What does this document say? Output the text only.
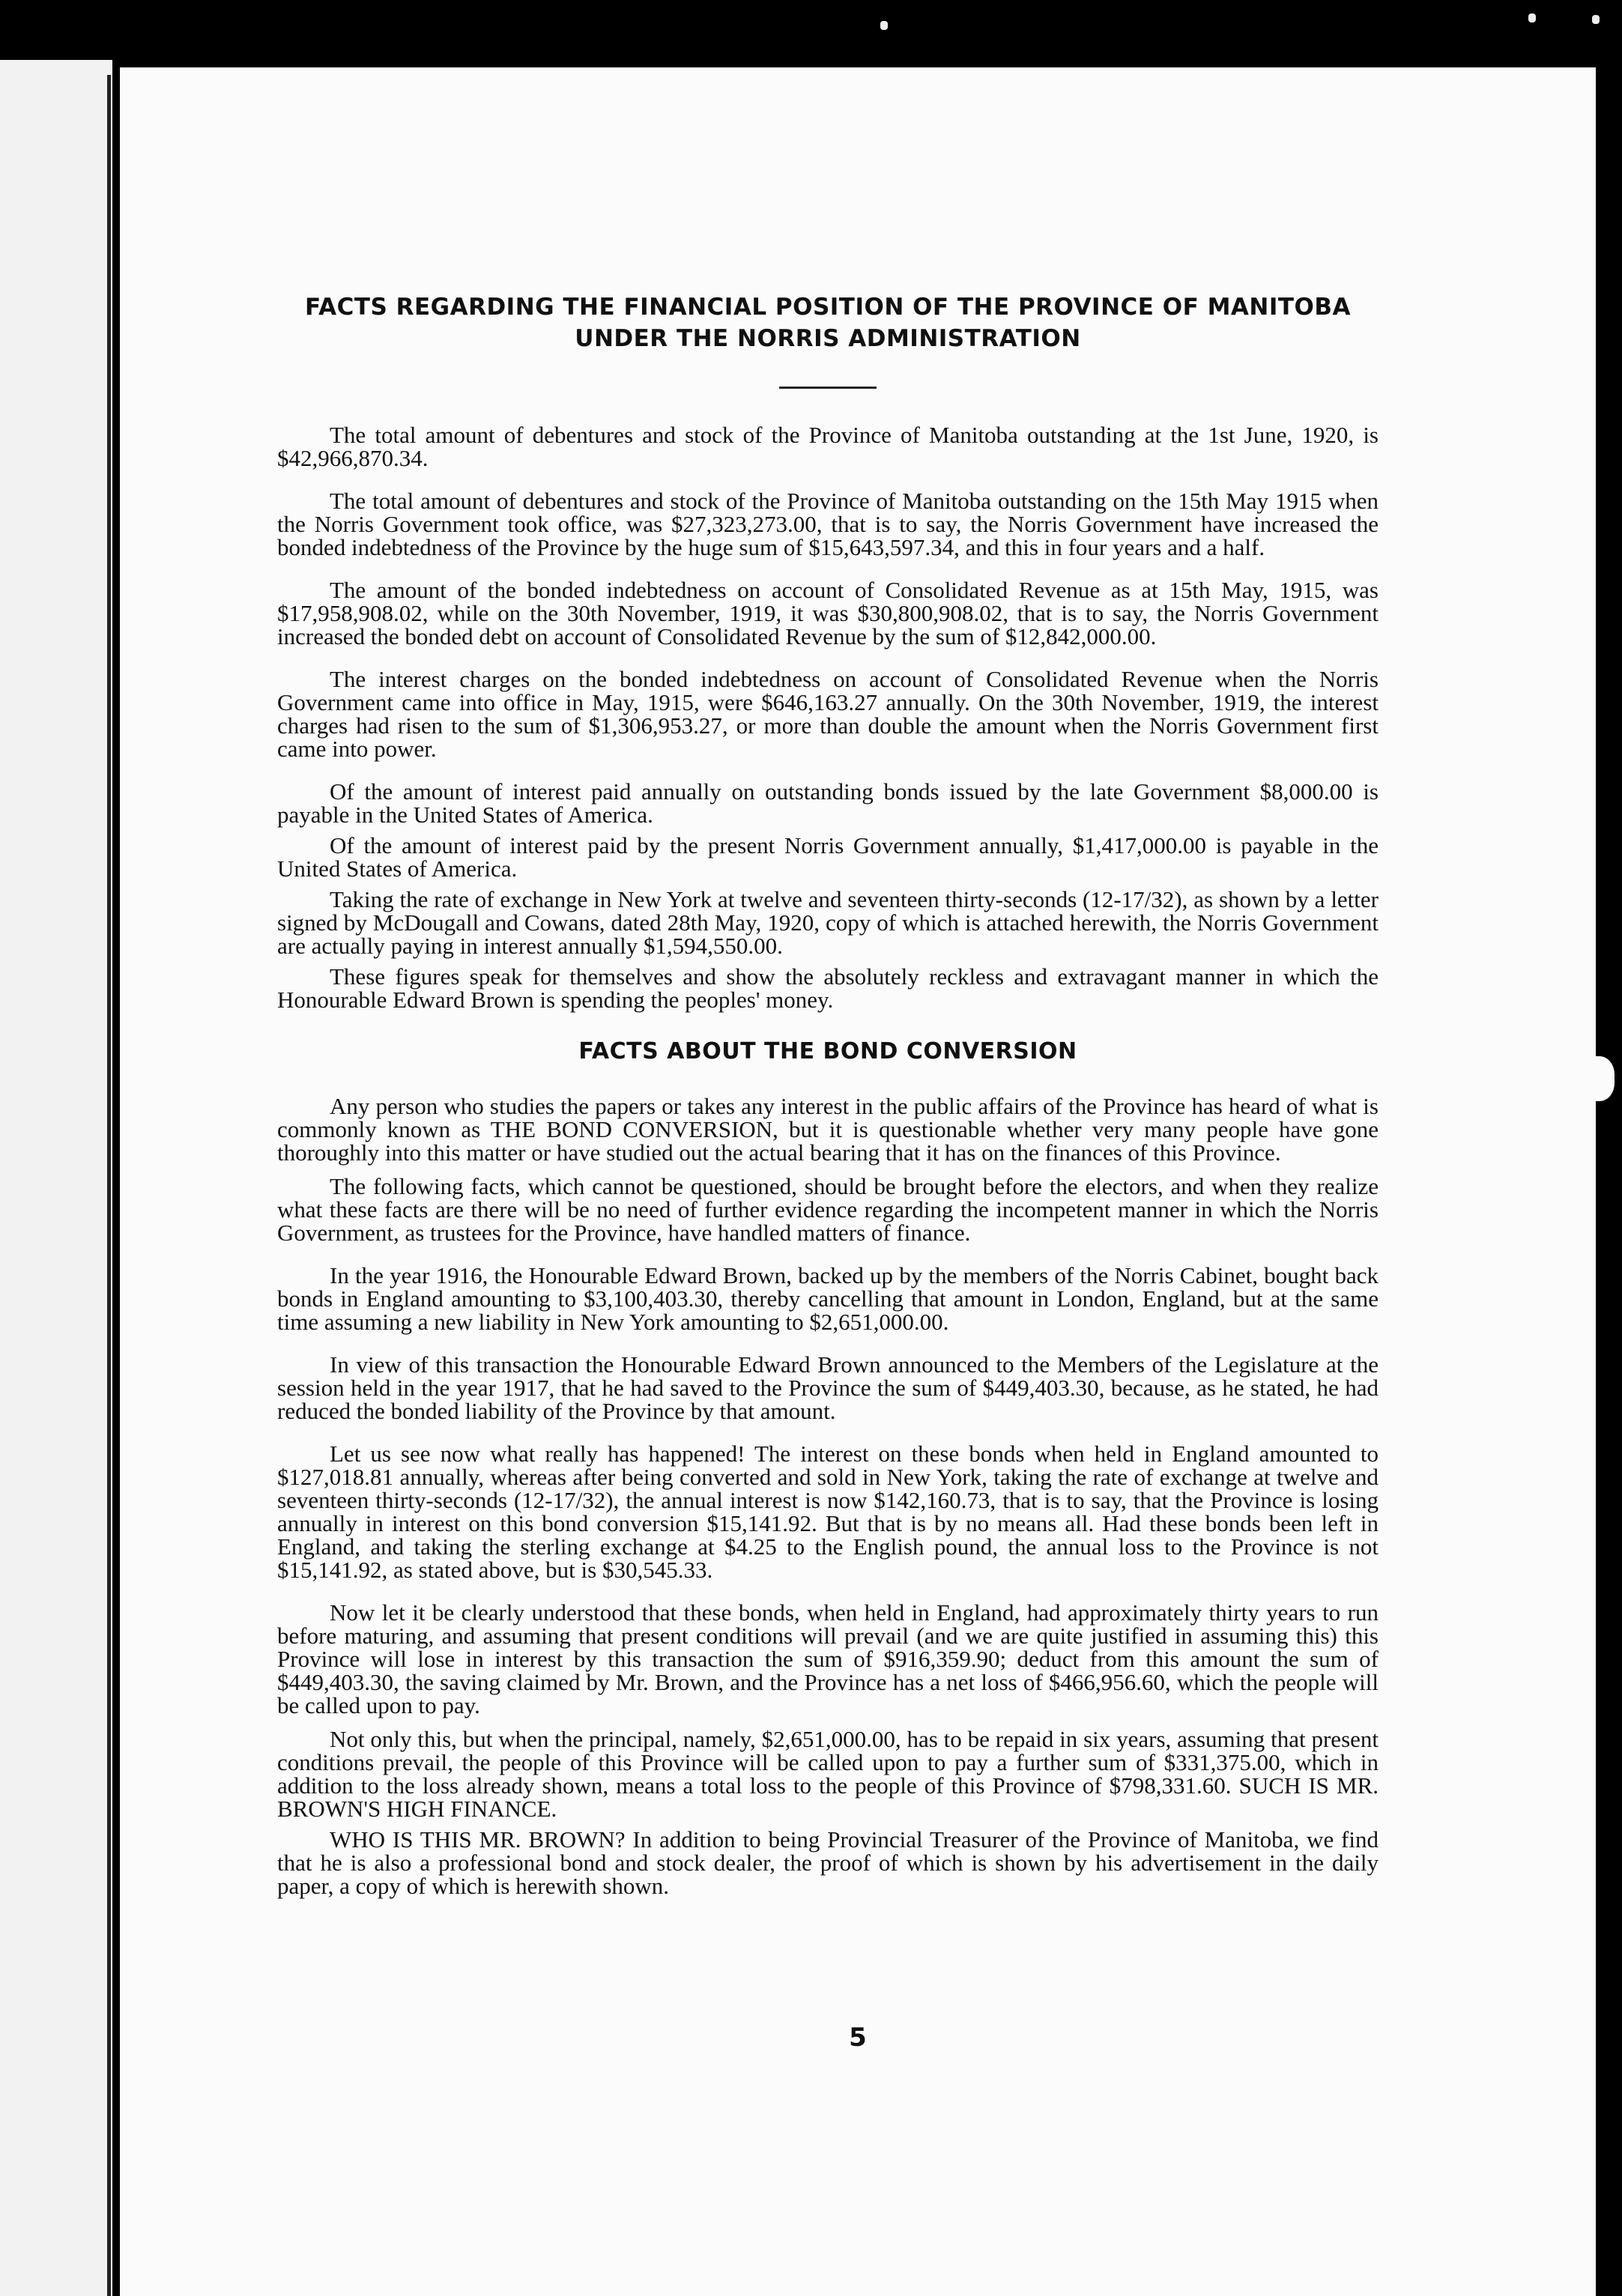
FACTS REGARDING THE FINANCIAL POSITION OF THE PROVINCE OF MANITOBA UNDER THE NORRIS ADMINISTRATION

The total amount of debentures and stock of the Province of Manitoba outstanding at the 1st June, 1920, is $42,966,870.34.

The total amount of debentures and stock of the Province of Manitoba outstanding on the 15th May 1915 when the Norris Government took office, was $27,323,273.00, that is to say, the Norris Government have increased the bonded indebtedness of the Province by the huge sum of $15,643,597.34, and this in four years and a half.

The amount of the bonded indebtedness on account of Consolidated Revenue as at 15th May, 1915, was $17,958,908.02, while on the 30th November, 1919, it was $30,800,908.02, that is to say, the Norris Government increased the bonded debt on account of Consolidated Revenue by the sum of $12,842,000.00.

The interest charges on the bonded indebtedness on account of Consolidated Revenue when the Norris Government came into office in May, 1915, were $646,163.27 annually. On the 30th November, 1919, the interest charges had risen to the sum of $1,306,953.27, or more than double the amount when the Norris Government first came into power.

Of the amount of interest paid annually on outstanding bonds issued by the late Government $8,000.00 is payable in the United States of America.

Of the amount of interest paid by the present Norris Government annually, $1,417,000.00 is payable in the United States of America.

Taking the rate of exchange in New York at twelve and seventeen thirty-seconds (12-17/32), as shown by a letter signed by McDougall and Cowans, dated 28th May, 1920, copy of which is attached herewith, the Norris Government are actually paying in interest annually $1,594,550.00.

These figures speak for themselves and show the absolutely reckless and extravagant manner in which the Honourable Edward Brown is spending the peoples' money.

FACTS ABOUT THE BOND CONVERSION

Any person who studies the papers or takes any interest in the public affairs of the Province has heard of what is commonly known as THE BOND CONVERSION, but it is questionable whether very many people have gone thoroughly into this matter or have studied out the actual bearing that it has on the finances of this Province.

The following facts, which cannot be questioned, should be brought before the electors, and when they realize what these facts are there will be no need of further evidence regarding the incompetent manner in which the Norris Government, as trustees for the Province, have handled matters of finance.

In the year 1916, the Honourable Edward Brown, backed up by the members of the Norris Cabinet, bought back bonds in England amounting to $3,100,403.30, thereby cancelling that amount in London, England, but at the same time assuming a new liability in New York amounting to $2,651,000.00.

In view of this transaction the Honourable Edward Brown announced to the Members of the Legislature at the session held in the year 1917, that he had saved to the Province the sum of $449,403.30, because, as he stated, he had reduced the bonded liability of the Province by that amount.

Let us see now what really has happened! The interest on these bonds when held in England amounted to $127,018.81 annually, whereas after being converted and sold in New York, taking the rate of exchange at twelve and seventeen thirty-seconds (12-17/32), the annual interest is now $142,160.73, that is to say, that the Province is losing annually in interest on this bond conversion $15,141.92. But that is by no means all. Had these bonds been left in England, and taking the sterling exchange at $4.25 to the English pound, the annual loss to the Province is not $15,141.92, as stated above, but is $30,545.33.

Now let it be clearly understood that these bonds, when held in England, had approximately thirty years to run before maturing, and assuming that present conditions will prevail (and we are quite justified in assuming this) this Province will lose in interest by this transaction the sum of $916,359.90; deduct from this amount the sum of $449,403.30, the saving claimed by Mr. Brown, and the Province has a net loss of $466,956.60, which the people will be called upon to pay.

Not only this, but when the principal, namely, $2,651,000.00, has to be repaid in six years, assuming that present conditions prevail, the people of this Province will be called upon to pay a further sum of $331,375.00, which in addition to the loss already shown, means a total loss to the people of this Province of $798,331.60. SUCH IS MR. BROWN'S HIGH FINANCE.

WHO IS THIS MR. BROWN? In addition to being Provincial Treasurer of the Province of Manitoba, we find that he is also a professional bond and stock dealer, the proof of which is shown by his advertisement in the daily paper, a copy of which is herewith shown.

5
